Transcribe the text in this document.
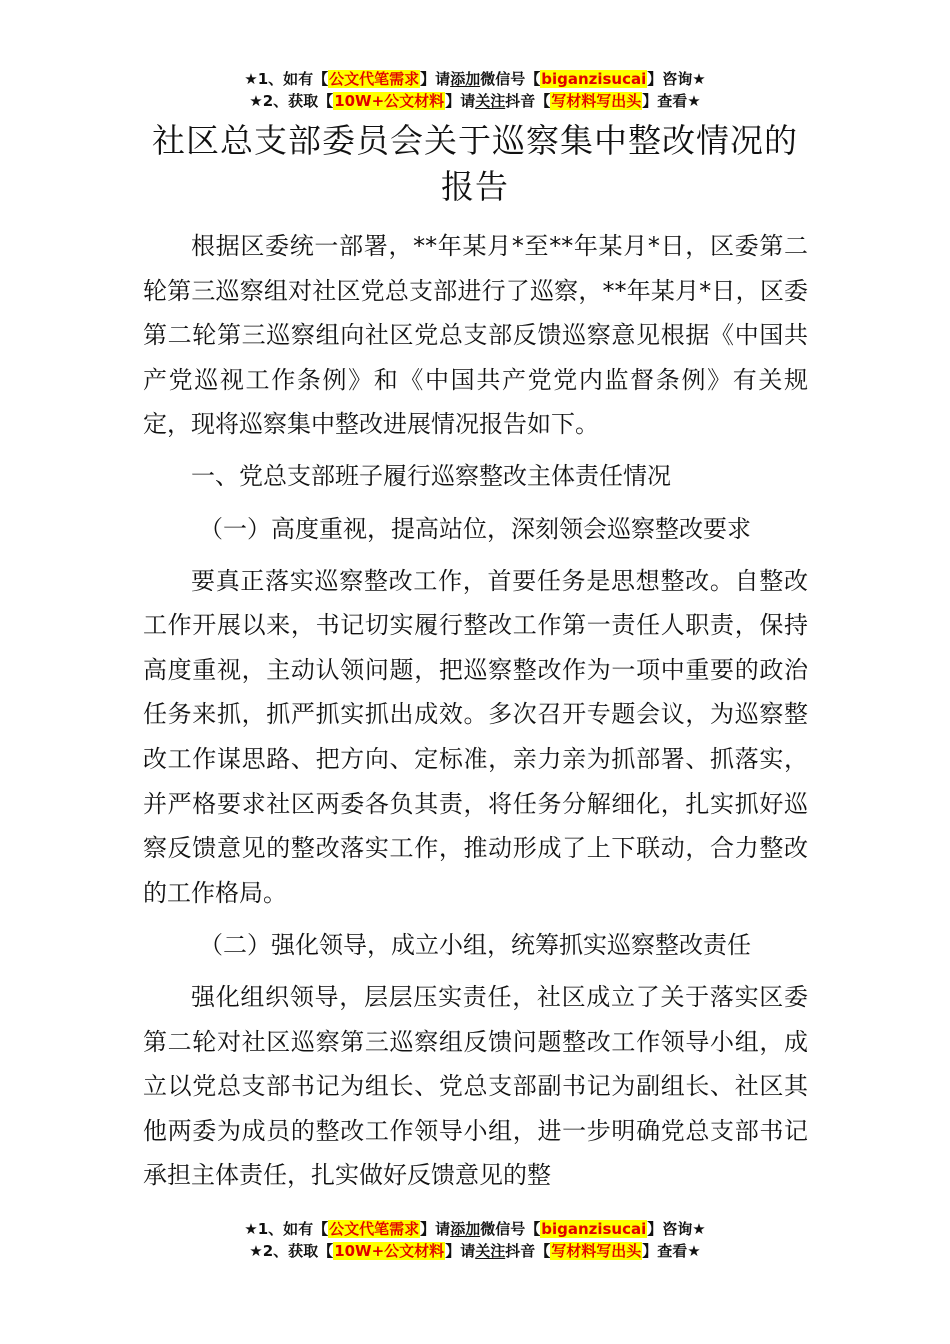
★1、如有【公文代笔需求】请添加微信号【biganzisucai】咨询★
★2、获取【10W+公文材料】请关注抖音【写材料写出头】查看★
社区总支部委员会关于巡察集中整改情况的
报告

根据区委统一部署，**年某月*至**年某月*日，区委第二轮第三巡察组对社区党总支部进行了巡察，**年某月*日，区委第二轮第三巡察组向社区党总支部反馈巡察意见根据《中国共产党巡视工作条例》和《中国共产党党内监督条例》有关规定，现将巡察集中整改进展情况报告如下。

一、党总支部班子履行巡察整改主体责任情况

（一）高度重视，提高站位，深刻领会巡察整改要求

要真正落实巡察整改工作，首要任务是思想整改。自整改工作开展以来，书记切实履行整改工作第一责任人职责，保持高度重视，主动认领问题，把巡察整改作为一项中重要的政治任务来抓，抓严抓实抓出成效。多次召开专题会议，为巡察整改工作谋思路、把方向、定标准，亲力亲为抓部署、抓落实，并严格要求社区两委各负其责，将任务分解细化，扎实抓好巡察反馈意见的整改落实工作，推动形成了上下联动，合力整改的工作格局。

（二）强化领导，成立小组，统筹抓实巡察整改责任

强化组织领导，层层压实责任，社区成立了关于落实区委第二轮对社区巡察第三巡察组反馈问题整改工作领导小组，成立以党总支部书记为组长、党总支部副书记为副组长、社区其他两委为成员的整改工作领导小组，进一步明确党总支部书记承担主体责任，扎实做好反馈意见的整

★1、如有【公文代笔需求】请添加微信号【biganzisucai】咨询★
★2、获取【10W+公文材料】请关注抖音【写材料写出头】查看★
